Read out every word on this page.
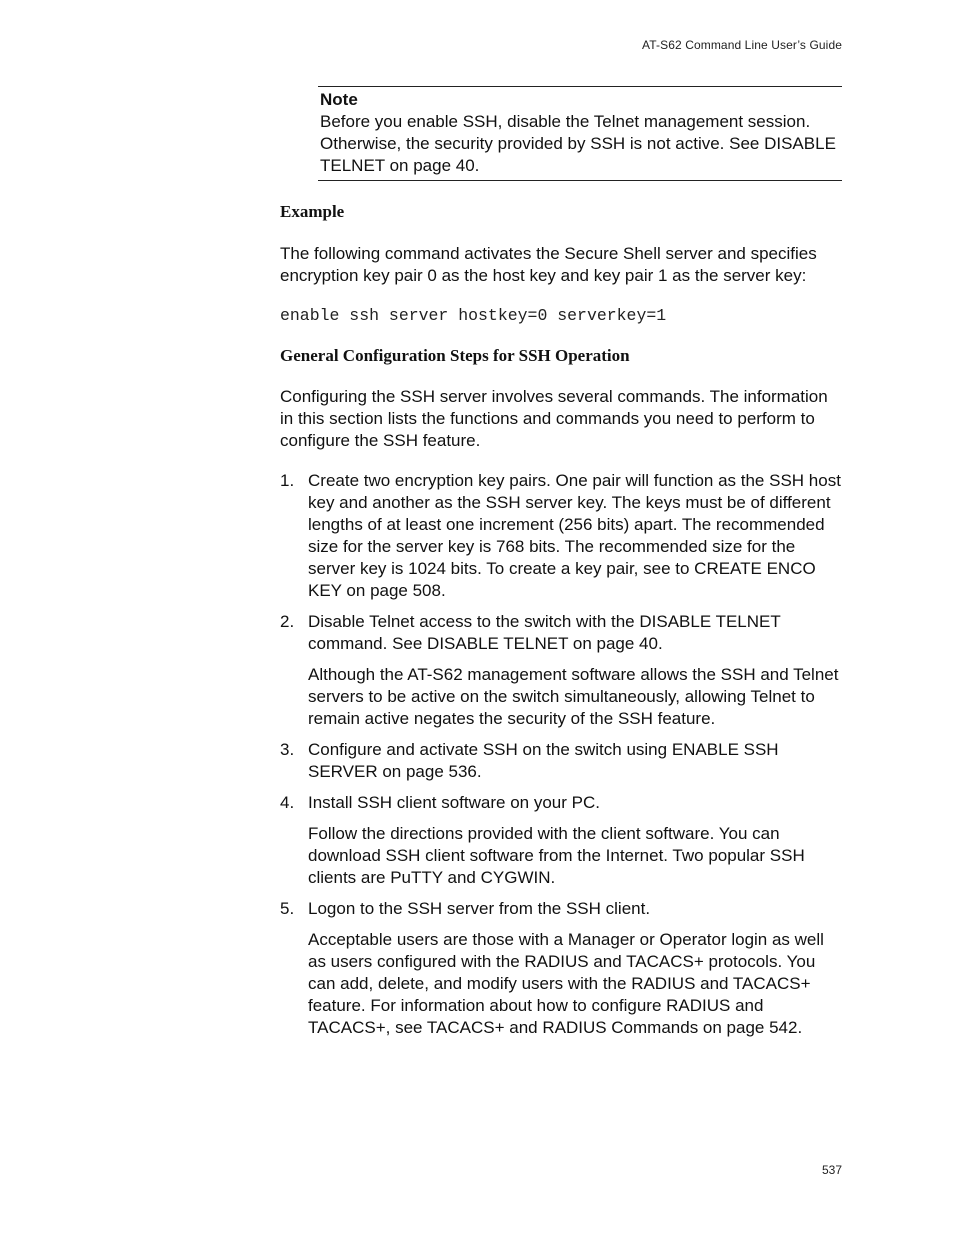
AT-S62 Command Line User’s Guide
Note
Before you enable SSH, disable the Telnet management session. Otherwise, the security provided by SSH is not active. See DISABLE TELNET on page 40.
Example
The following command activates the Secure Shell server and specifies encryption key pair 0 as the host key and key pair 1 as the server key:
enable ssh server hostkey=0 serverkey=1
General Configuration Steps for SSH Operation
Configuring the SSH server involves several commands. The information in this section lists the functions and commands you need to perform to configure the SSH feature.
1. Create two encryption key pairs. One pair will function as the SSH host key and another as the SSH server key. The keys must be of different lengths of at least one increment (256 bits) apart. The recommended size for the server key is 768 bits. The recommended size for the server key is 1024 bits. To create a key pair, see to CREATE ENCO KEY on page 508.
2. Disable Telnet access to the switch with the DISABLE TELNET command. See DISABLE TELNET on page 40.
Although the AT-S62 management software allows the SSH and Telnet servers to be active on the switch simultaneously, allowing Telnet to remain active negates the security of the SSH feature.
3. Configure and activate SSH on the switch using ENABLE SSH SERVER on page 536.
4. Install SSH client software on your PC.
Follow the directions provided with the client software. You can download SSH client software from the Internet. Two popular SSH clients are PuTTY and CYGWIN.
5. Logon to the SSH server from the SSH client.
Acceptable users are those with a Manager or Operator login as well as users configured with the RADIUS and TACACS+ protocols. You can add, delete, and modify users with the RADIUS and TACACS+ feature. For information about how to configure RADIUS and TACACS+, see TACACS+ and RADIUS Commands on page 542.
537
